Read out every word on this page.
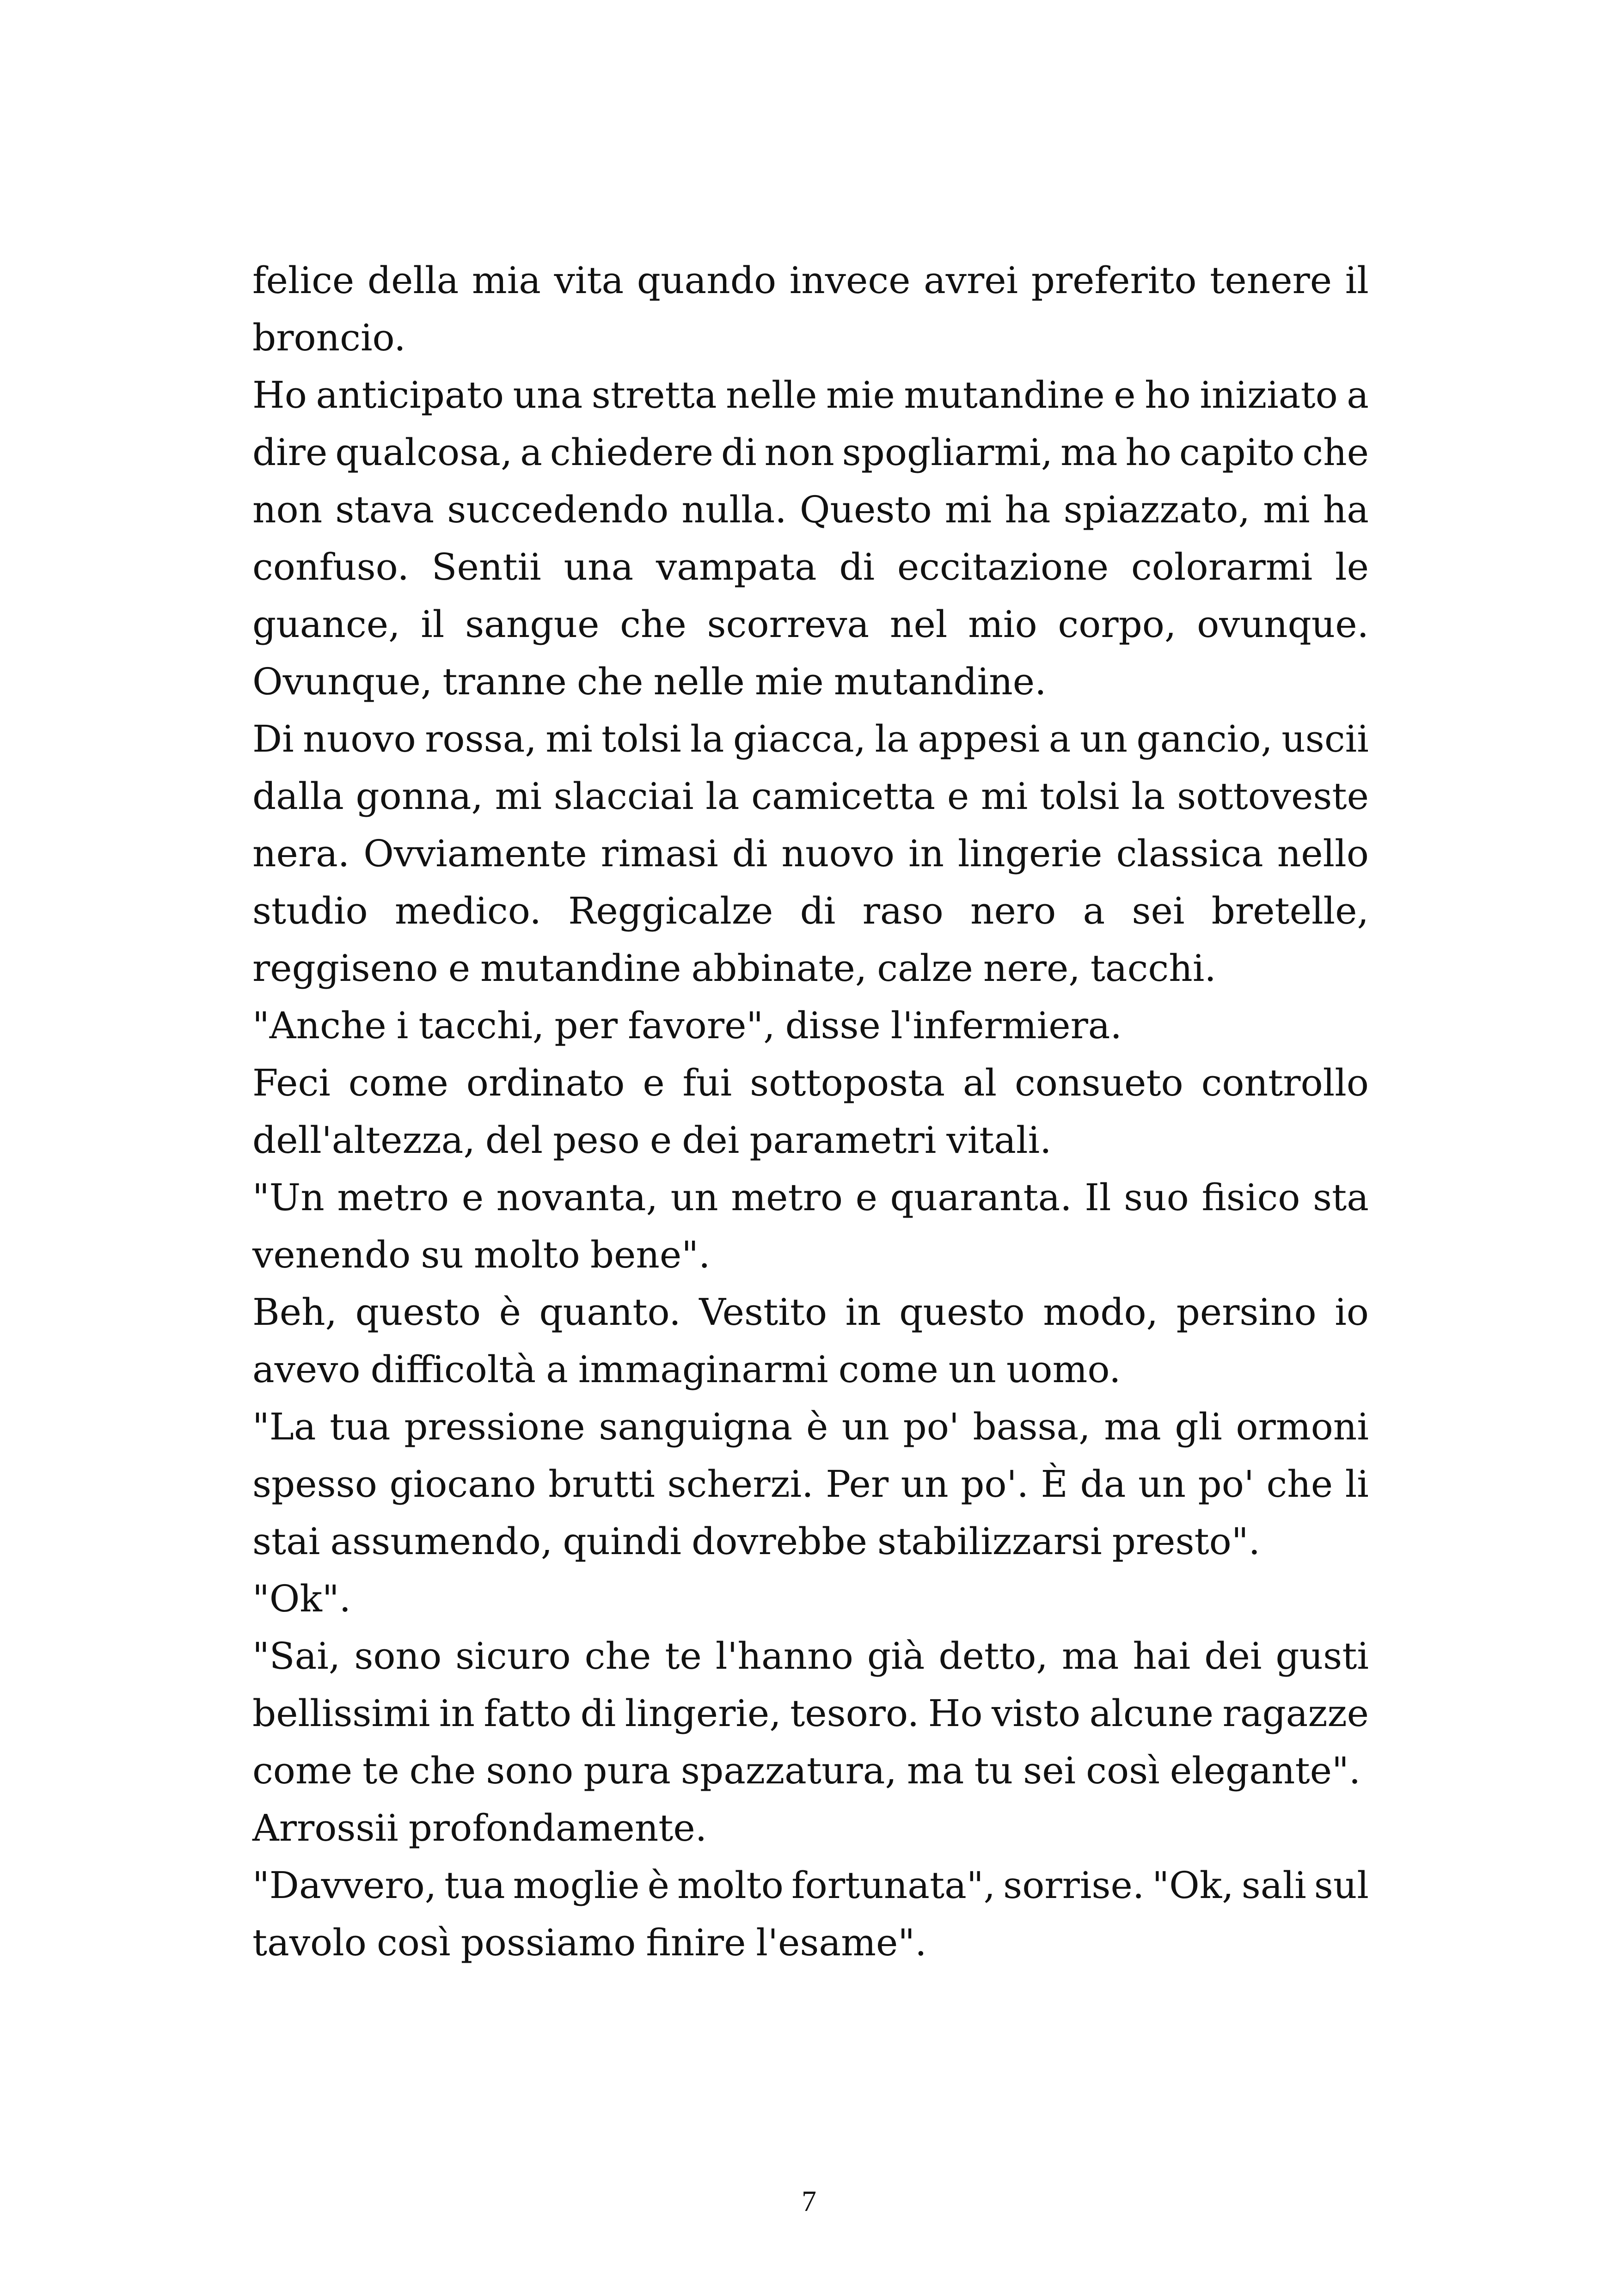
felice della mia vita quando invece avrei preferito tenere il
broncio.
Ho anticipato una stretta nelle mie mutandine e ho iniziato a
dire qualcosa, a chiedere di non spogliarmi, ma ho capito che
non stava succedendo nulla. Questo mi ha spiazzato, mi ha
confuso. Sentii una vampata di eccitazione colorarmi le
guance, il sangue che scorreva nel mio corpo, ovunque.
Ovunque, tranne che nelle mie mutandine.
Di nuovo rossa, mi tolsi la giacca, la appesi a un gancio, uscii
dalla gonna, mi slacciai la camicetta e mi tolsi la sottoveste
nera. Ovviamente rimasi di nuovo in lingerie classica nello
studio medico. Reggicalze di raso nero a sei bretelle,
reggiseno e mutandine abbinate, calze nere, tacchi.
"Anche i tacchi, per favore", disse l'infermiera.
Feci come ordinato e fui sottoposta al consueto controllo
dell'altezza, del peso e dei parametri vitali.
"Un metro e novanta, un metro e quaranta. Il suo fisico sta
venendo su molto bene".
Beh, questo è quanto. Vestito in questo modo, persino io
avevo difficoltà a immaginarmi come un uomo.
"La tua pressione sanguigna è un po' bassa, ma gli ormoni
spesso giocano brutti scherzi. Per un po'. È da un po' che li
stai assumendo, quindi dovrebbe stabilizzarsi presto".
"Ok".
"Sai, sono sicuro che te l'hanno già detto, ma hai dei gusti
bellissimi in fatto di lingerie, tesoro. Ho visto alcune ragazze
come te che sono pura spazzatura, ma tu sei così elegante".
Arrossii profondamente.
"Davvero, tua moglie è molto fortunata", sorrise. "Ok, sali sul
tavolo così possiamo finire l'esame".
7
